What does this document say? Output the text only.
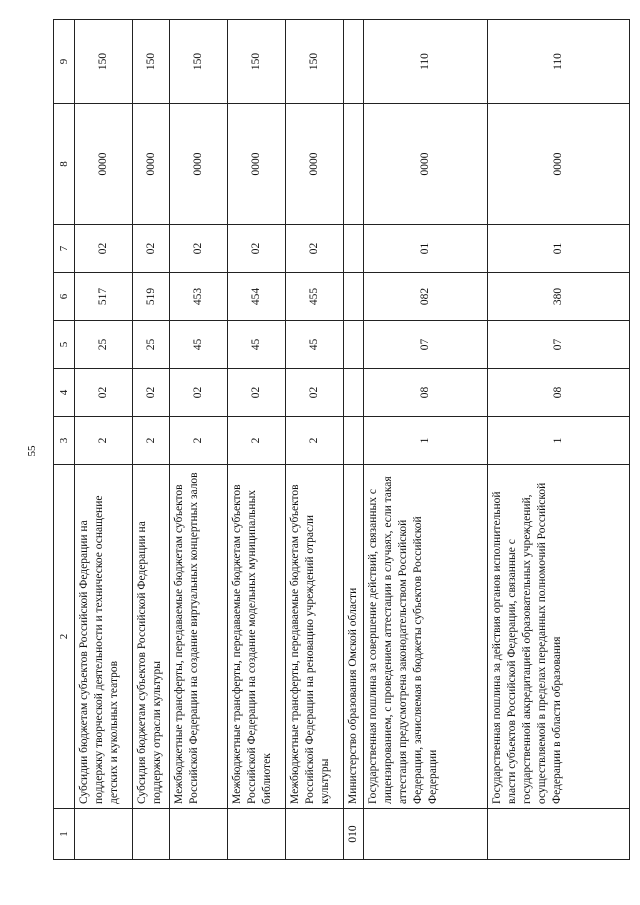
55
1	2	3	4	5	6	7	8	9
	Субсидии бюджетам субъектов Российской Федерации на поддержку творческой деятельности и техническое оснащение детских и кукольных театров	2	02	25	517	02	0000	150
	Субсидия бюджетам субъектов Российской Федерации на поддержку отрасли культуры	2	02	25	519	02	0000	150
	Межбюджетные трансферты, передаваемые бюджетам субъектов Российской Федерации на создание виртуальных концертных залов	2	02	45	453	02	0000	150
	Межбюджетные трансферты, передаваемые бюджетам субъектов Российской Федерации на создание модельных муниципальных библиотек	2	02	45	454	02	0000	150
	Межбюджетные трансферты, передаваемые бюджетам субъектов Российской Федерации на реновацию учреждений отрасли культуры	2	02	45	455	02	0000	150
010	Министерство образования Омской области							
	Государственная пошлина за совершение действий, связанных с лицензированием, с проведением аттестации в случаях, если такая аттестация предусмотрена законодательством Российской Федерации, зачисляемая в бюджеты субъектов Российской Федерации	1	08	07	082	01	0000	110
	Государственная пошлина за действия органов исполнительной власти субъектов Российской Федерации, связанные с государственной аккредитацией образовательных учреждений, осуществляемой в пределах переданных полномочий Российской Федерации в области образования	1	08	07	380	01	0000	110
